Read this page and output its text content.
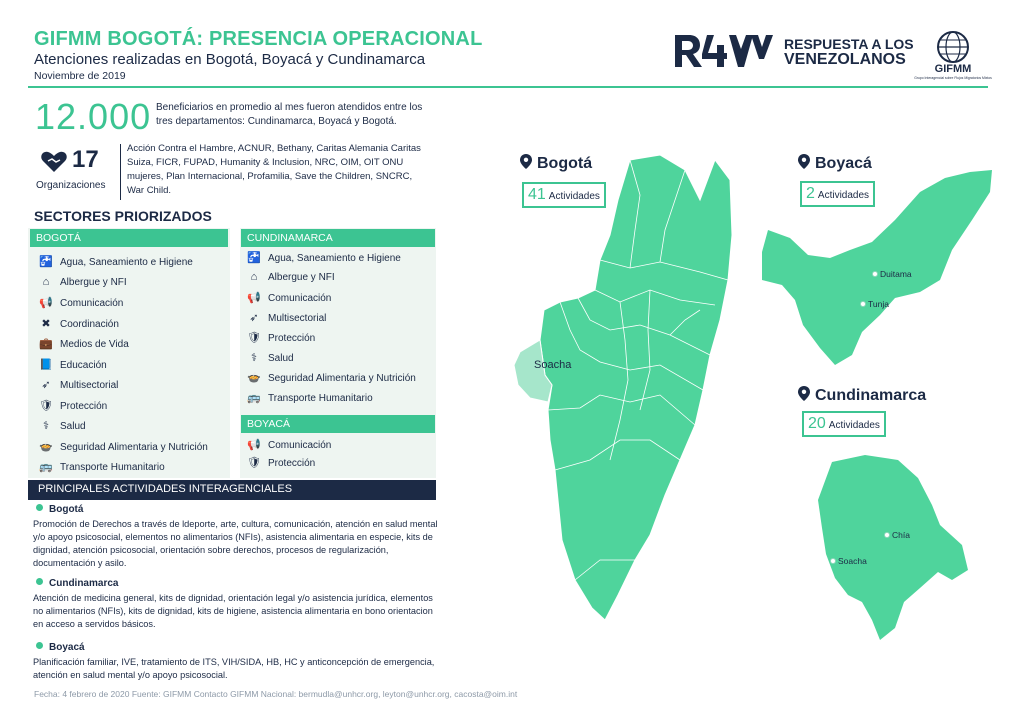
GIFMM BOGOTÁ: PRESENCIA OPERACIONAL
Atenciones realizadas en Bogotá, Boyacá y Cundinamarca
Noviembre de 2019
RESPUESTA A LOS
VENEZOLANOS
GIFMM
Grupo Interagencial sobre Flujos Migratorios Mixtos
12.000 Beneficiarios en promedio al mes fueron atendidos entre los tres departamentos: Cundinamarca, Boyacá y Bogotá.
17
Organizaciones
Acción Contra el Hambre, ACNUR, Bethany, Caritas Alemania Caritas Suiza, FICR, FUPAD, Humanity & Inclusion, NRC, OIM, OIT ONU mujeres, Plan Internacional, Profamilia, Save the Children, SNCRC, War Child.
SECTORES PRIORIZADOS
BOGOTÁ	CUNDINAMARCA
BOYACÁ
🚰 Agua, Saneamiento e Higiene
⌂ Albergue y NFI
📢 Comunicación
✖ Coordinación
💼 Medios de Vida
📘 Educación
➶ Multisectorial
🛡 Protección
⚕ Salud
🍲 Seguridad Alimentaria y Nutrición
🚌 Transporte Humanitario
🚰 Agua, Saneamiento e Higiene
⌂ Albergue y NFI
📢 Comunicación
➶ Multisectorial
🛡 Protección
⚕ Salud
🍲 Seguridad Alimentaria y Nutrición
🚌 Transporte Humanitario
📢 Comunicación
🛡 Protección
PRINCIPALES ACTIVIDADES INTERAGENCIALES
Bogotá
Promoción de Derechos a través de ldeporte, arte, cultura, comunicación, atención en salud mental y/o apoyo psicosocial, elementos no alimentarios (NFIs), asistencia alimentaria en especie, kits de dignidad, atención psicosocial, orientación sobre derechos, procesos de regularización, documentación y asilo.
Cundinamarca
Atención de medicina general, kits de dignidad, orientación legal y/o asistencia jurídica, elementos no alimentarios (NFIs), kits de dignidad, kits de higiene, asistencia alimentaria en bono orientacion en acceso a servidos básicos.
Boyacá
Planificación familiar, IVE, tratamiento de ITS, VIH/SIDA, HB, HC y anticoncepción de emergencia, atención en salud mental y/o apoyo psicosocial.
Fecha: 4 febrero de 2020 Fuente: GIFMM Contacto GIFMM Nacional: bermudla@unhcr.org, leyton@unhcr.org, cacosta@oim.int
Bogotá
41 Actividades
Soacha
Boyacá
2 Actividades
Duitama
Tunja
Cundinamarca
20 Actividades
Chía
Soacha
